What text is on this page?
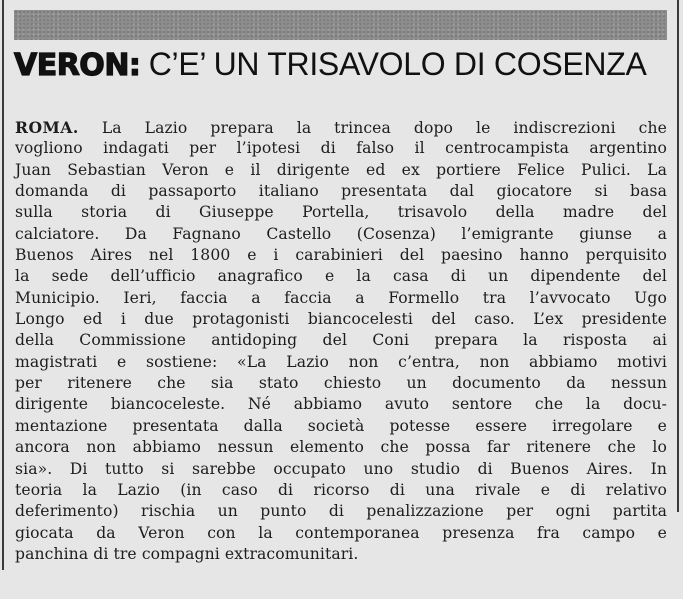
VERON: C’E’ UN TRISAVOLO DI COSENZA
ROMA. La Lazio prepara la trincea dopo le indiscrezioni che
vogliono indagati per l’ipotesi di falso il centrocampista argentino
Juan Sebastian Veron e il dirigente ed ex portiere Felice Pulici. La
domanda di passaporto italiano presentata dal giocatore si basa
sulla storia di Giuseppe Portella, trisavolo della madre del
calciatore. Da Fagnano Castello (Cosenza) l’emigrante giunse a
Buenos Aires nel 1800 e i carabinieri del paesino hanno perquisito
la sede dell’ufficio anagrafico e la casa di un dipendente del
Municipio. Ieri, faccia a faccia a Formello tra l’avvocato Ugo
Longo ed i due protagonisti biancocelesti del caso. L’ex presidente
della Commissione antidoping del Coni prepara la risposta ai
magistrati e sostiene: «La Lazio non c’entra, non abbiamo motivi
per ritenere che sia stato chiesto un documento da nessun
dirigente biancoceleste. Né abbiamo avuto sentore che la docu-
mentazione presentata dalla società potesse essere irregolare e
ancora non abbiamo nessun elemento che possa far ritenere che lo
sia». Di tutto si sarebbe occupato uno studio di Buenos Aires. In
teoria la Lazio (in caso di ricorso di una rivale e di relativo
deferimento) rischia un punto di penalizzazione per ogni partita
giocata da Veron con la contemporanea presenza fra campo e
panchina di tre compagni extracomunitari.
